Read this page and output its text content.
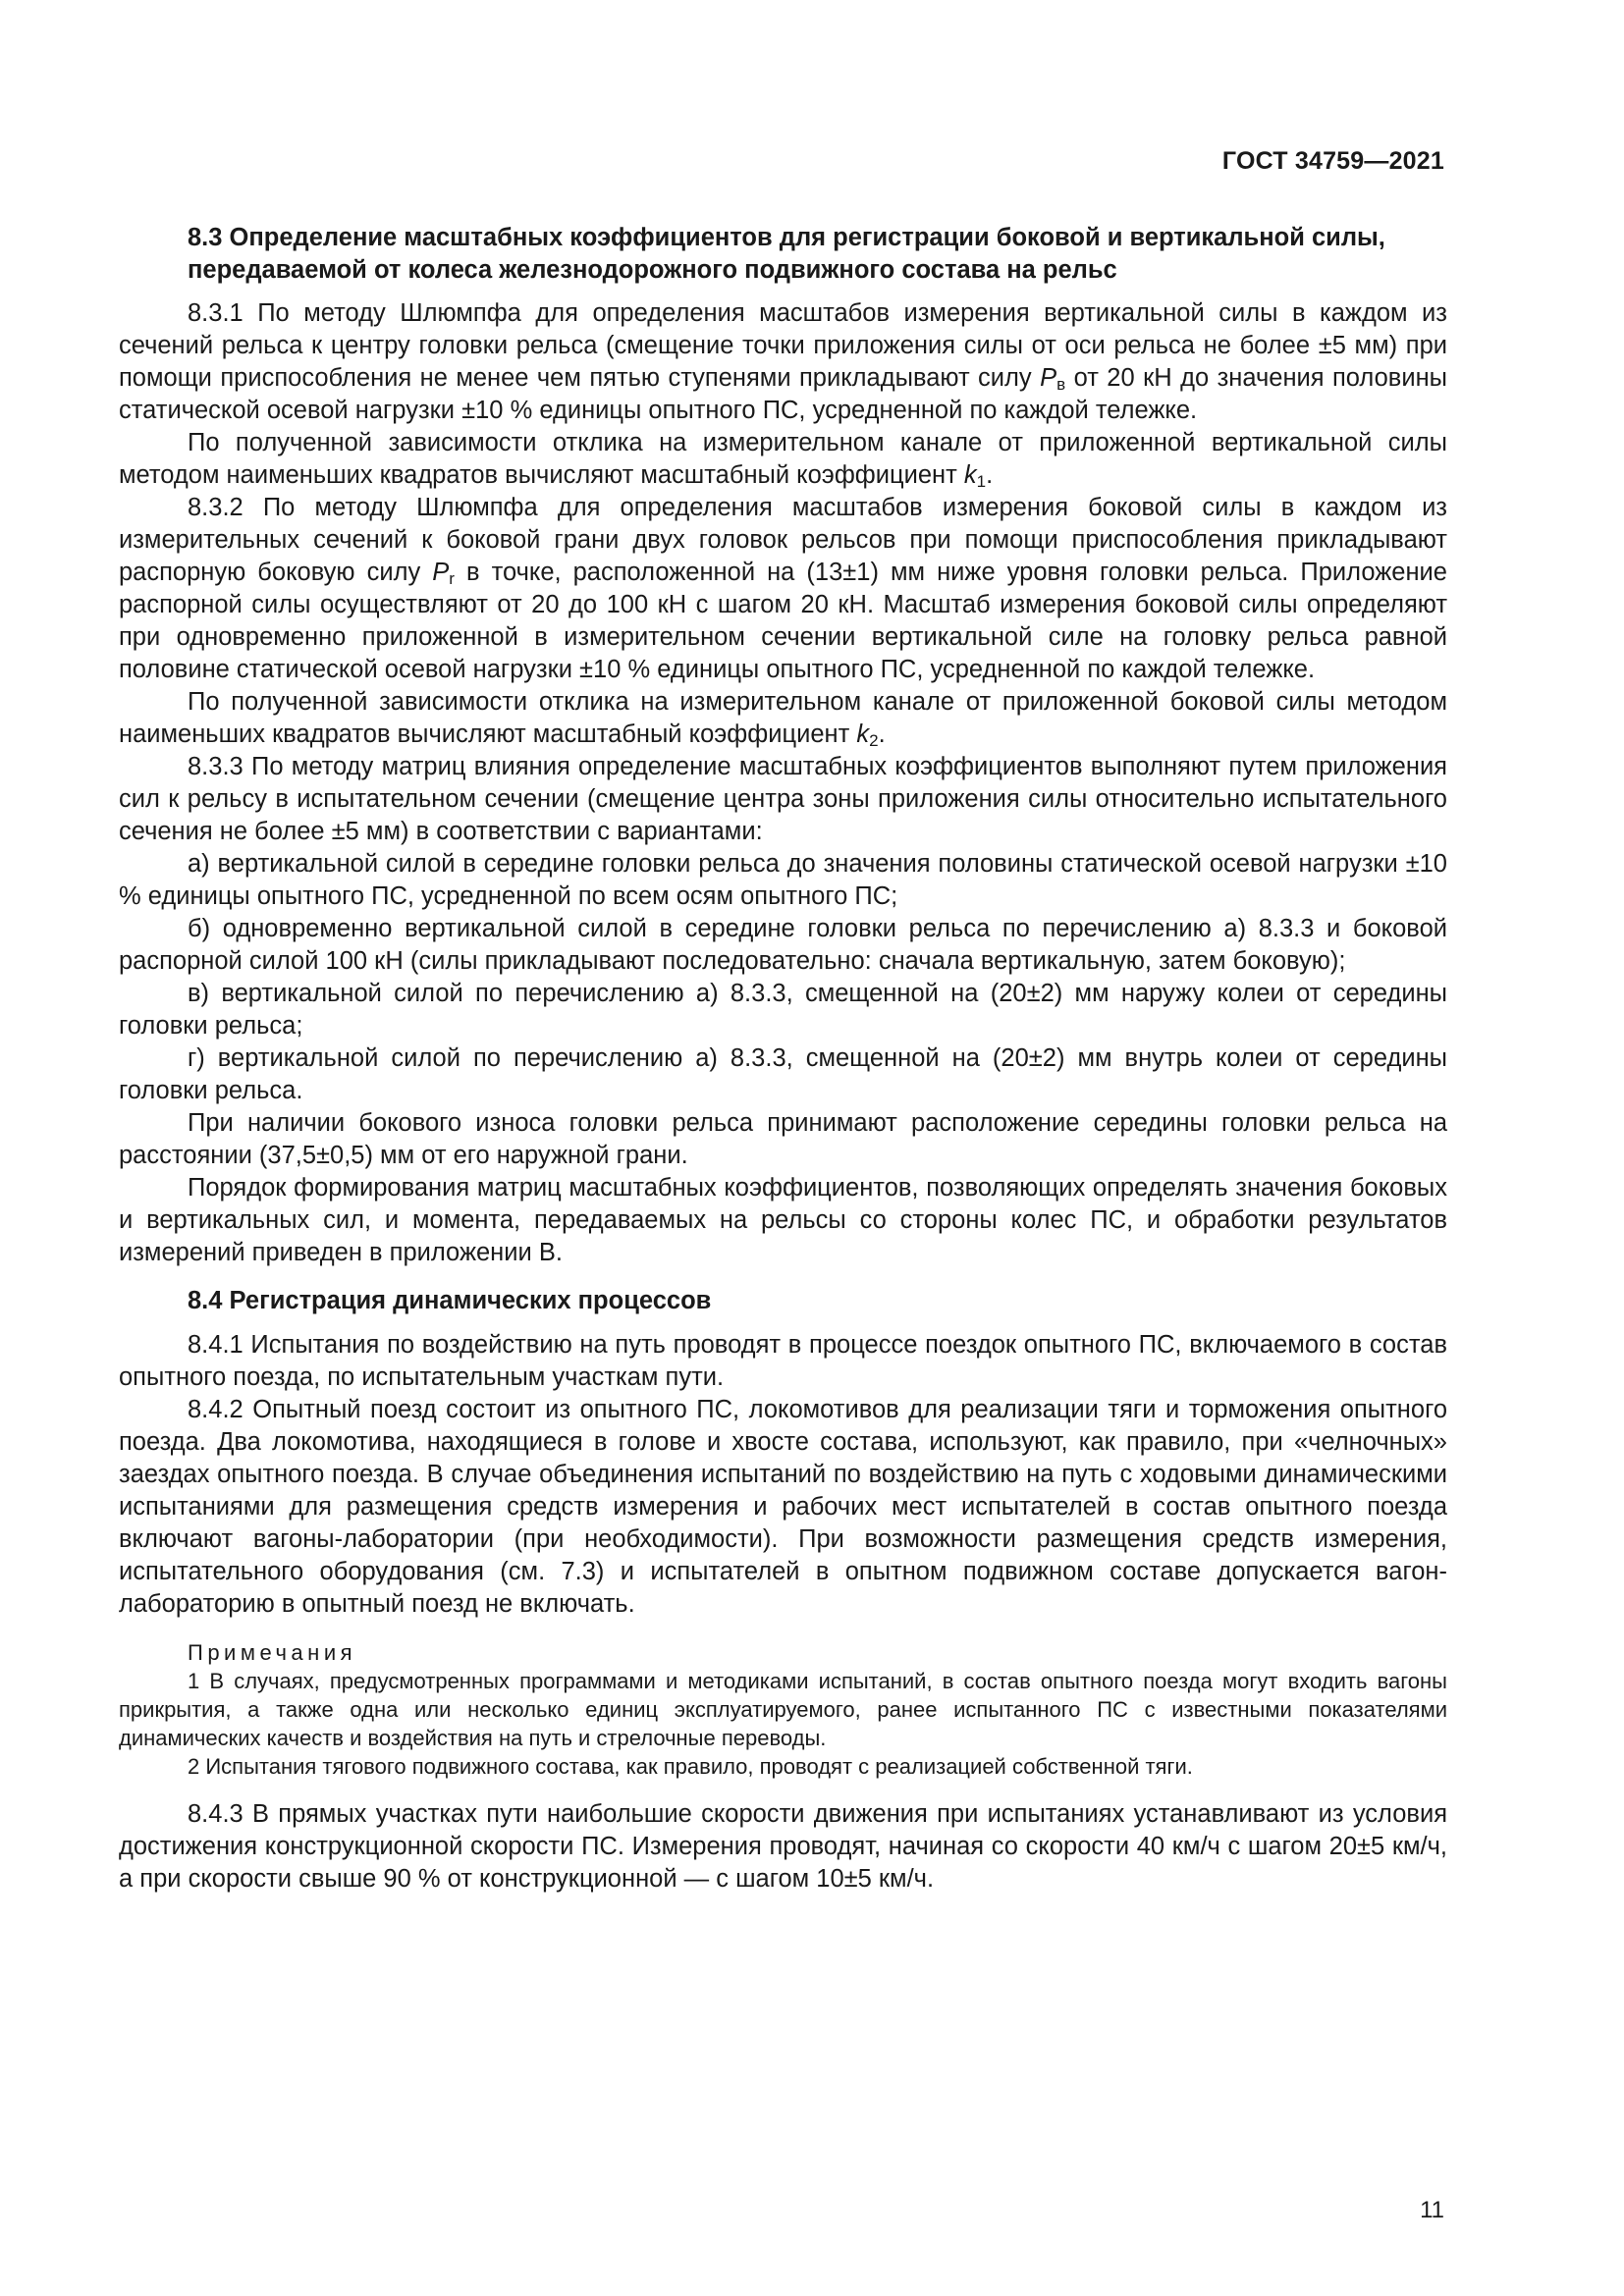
ГОСТ 34759—2021
8.3 Определение масштабных коэффициентов для регистрации боковой и вертикальной силы, передаваемой от колеса железнодорожного подвижного состава на рельс

8.3.1 По методу Шлюмпфа для определения масштабов измерения вертикальной силы в каждом из сечений рельса к центру головки рельса (смещение точки приложения силы от оси рельса не более ±5 мм) при помощи приспособления не менее чем пятью ступенями прикладывают силу $P_в$ от 20 кН до значения половины статической осевой нагрузки ±10 % единицы опытного ПС, усредненной по каждой тележке.

По полученной зависимости отклика на измерительном канале от приложенной вертикальной силы методом наименьших квадратов вычисляют масштабный коэффициент $k_1$.

8.3.2 По методу Шлюмпфа для определения масштабов измерения боковой силы в каждом из измерительных сечений к боковой грани двух головок рельсов при помощи приспособления прикладывают распорную боковую силу $P_r$ в точке, расположенной на (13±1) мм ниже уровня головки рельса. Приложение распорной силы осуществляют от 20 до 100 кН с шагом 20 кН. Масштаб измерения боковой силы определяют при одновременно приложенной в измерительном сечении вертикальной силе на головку рельса равной половине статической осевой нагрузки ±10 % единицы опытного ПС, усредненной по каждой тележке.

По полученной зависимости отклика на измерительном канале от приложенной боковой силы методом наименьших квадратов вычисляют масштабный коэффициент $k_2$.

8.3.3 По методу матриц влияния определение масштабных коэффициентов выполняют путем приложения сил к рельсу в испытательном сечении (смещение центра зоны приложения силы относительно испытательного сечения не более ±5 мм) в соответствии с вариантами:

а) вертикальной силой в середине головки рельса до значения половины статической осевой нагрузки ±10 % единицы опытного ПС, усредненной по всем осям опытного ПС;

б) одновременно вертикальной силой в середине головки рельса по перечислению а) 8.3.3 и боковой распорной силой 100 кН (силы прикладывают последовательно: сначала вертикальную, затем боковую);

в) вертикальной силой по перечислению а) 8.3.3, смещенной на (20±2) мм наружу колеи от середины головки рельса;

г) вертикальной силой по перечислению а) 8.3.3, смещенной на (20±2) мм внутрь колеи от середины головки рельса.

При наличии бокового износа головки рельса принимают расположение середины головки рельса на расстоянии (37,5±0,5) мм от его наружной грани.

Порядок формирования матриц масштабных коэффициентов, позволяющих определять значения боковых и вертикальных сил, и момента, передаваемых на рельсы со стороны колес ПС, и обработки результатов измерений приведен в приложении В.

8.4 Регистрация динамических процессов

8.4.1 Испытания по воздействию на путь проводят в процессе поездок опытного ПС, включаемого в состав опытного поезда, по испытательным участкам пути.

8.4.2 Опытный поезд состоит из опытного ПС, локомотивов для реализации тяги и торможения опытного поезда. Два локомотива, находящиеся в голове и хвосте состава, используют, как правило, при «челночных» заездах опытного поезда. В случае объединения испытаний по воздействию на путь с ходовыми динамическими испытаниями для размещения средств измерения и рабочих мест испытателей в состав опытного поезда включают вагоны-лаборатории (при необходимости). При возможности размещения средств измерения, испытательного оборудования (см. 7.3) и испытателей в опытном подвижном составе допускается вагон-лабораторию в опытный поезд не включать.

Примечания

1 В случаях, предусмотренных программами и методиками испытаний, в состав опытного поезда могут входить вагоны прикрытия, а также одна или несколько единиц эксплуатируемого, ранее испытанного ПС с известными показателями динамических качеств и воздействия на путь и стрелочные переводы.

2 Испытания тягового подвижного состава, как правило, проводят с реализацией собственной тяги.

8.4.3 В прямых участках пути наибольшие скорости движения при испытаниях устанавливают из условия достижения конструкционной скорости ПС. Измерения проводят, начиная со скорости 40 км/ч с шагом 20±5 км/ч, а при скорости свыше 90 % от конструкционной — с шагом 10±5 км/ч.

11
